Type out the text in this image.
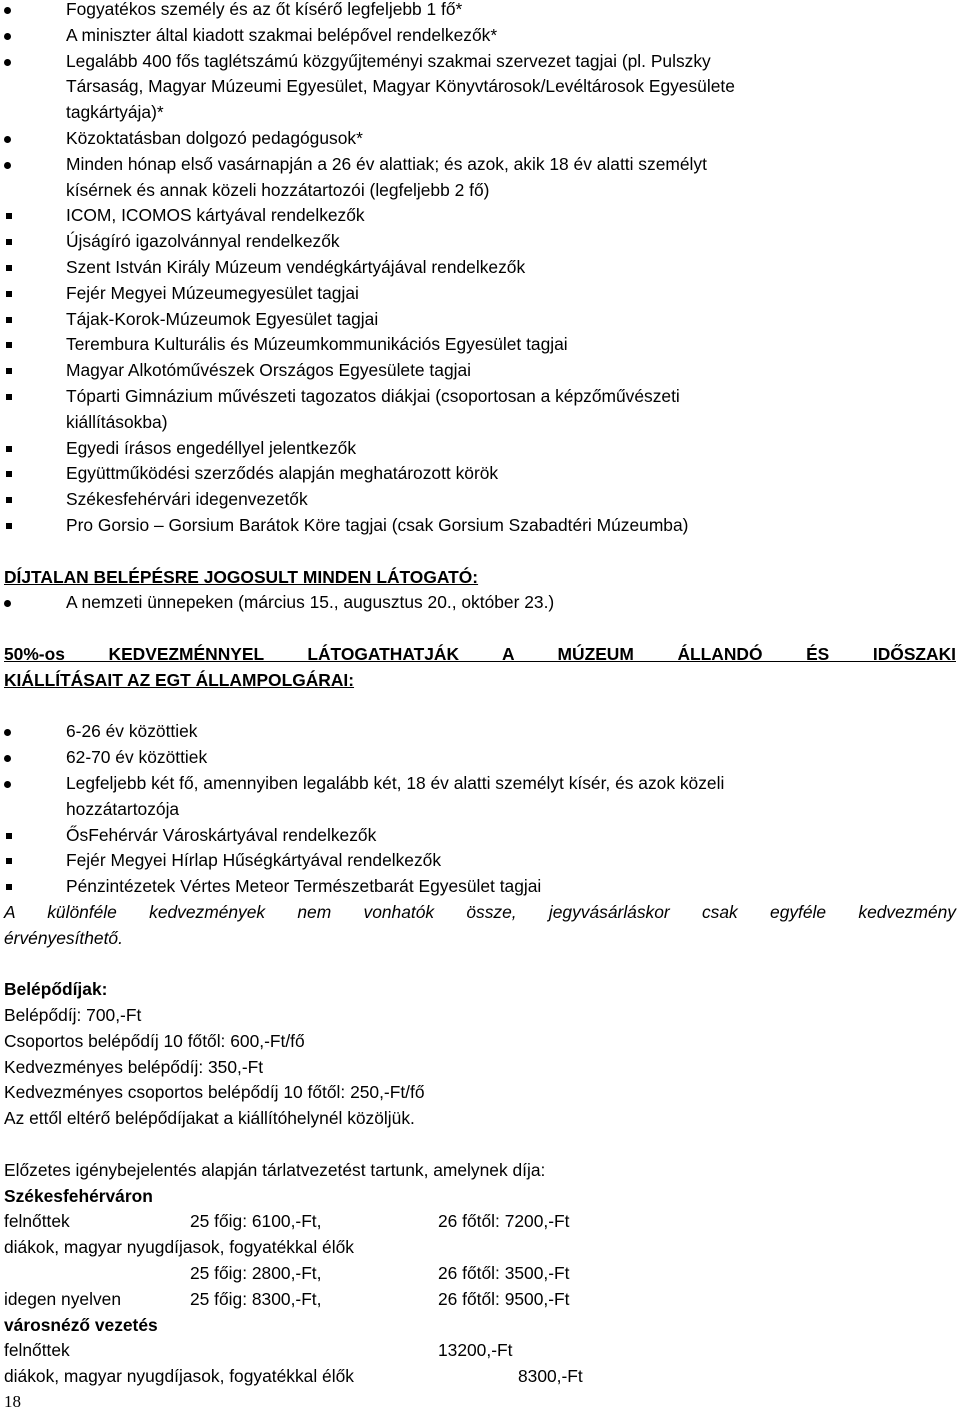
Fogyatékos személy és az őt kísérő legfeljebb 1 fő*
A miniszter által kiadott szakmai belépővel rendelkezők*
Legalább 400 fős taglétszámú közgyűjteményi szakmai szervezet tagjai (pl. Pulszky
Társaság, Magyar Múzeumi Egyesület, Magyar Könyvtárosok/Levéltárosok Egyesülete
tagkártyája)*
Közoktatásban dolgozó pedagógusok*
Minden hónap első vasárnapján a 26 év alattiak; és azok, akik 18 év alatti személyt
kísérnek és annak közeli hozzátartozói (legfeljebb 2 fő)
ICOM, ICOMOS kártyával rendelkezők
Újságíró igazolvánnyal rendelkezők
Szent István Király Múzeum vendégkártyájával rendelkezők
Fejér Megyei Múzeumegyesület tagjai
Tájak-Korok-Múzeumok Egyesület tagjai
Terembura Kulturális és Múzeumkommunikációs Egyesület tagjai
Magyar Alkotóművészek Országos Egyesülete tagjai
Tóparti Gimnázium művészeti tagozatos diákjai (csoportosan a képzőművészeti
kiállításokba)
Egyedi írásos engedéllyel jelentkezők
Együttműködési szerződés alapján meghatározott körök
Székesfehérvári idegenvezetők
Pro Gorsio – Gorsium Barátok Köre tagjai (csak Gorsium Szabadtéri Múzeumba)
DÍJTALAN BELÉPÉSRE JOGOSULT MINDEN LÁTOGATÓ:
A nemzeti ünnepeken (március 15., augusztus 20., október 23.)
50%-os KEDVEZMÉNNYEL LÁTOGATHATJÁK A MÚZEUM ÁLLANDÓ ÉS IDŐSZAKI
KIÁLLÍTÁSAIT AZ EGT ÁLLAMPOLGÁRAI:
6-26 év közöttiek
62-70 év közöttiek
Legfeljebb két fő, amennyiben legalább két, 18 év alatti személyt kísér, és azok közeli
hozzátartozója
ŐsFehérvár Városkártyával rendelkezők
Fejér Megyei Hírlap Hűségkártyával rendelkezők
Pénzintézetek Vértes Meteor Természetbarát Egyesület tagjai
A különféle kedvezmények nem vonhatók össze, jegyvásárláskor csak egyféle kedvezmény
érvényesíthető.
Belépődíjak:
Belépődíj: 700,-Ft
Csoportos belépődíj 10 főtől: 600,-Ft/fő
Kedvezményes belépődíj: 350,-Ft
Kedvezményes csoportos belépődíj 10 főtől: 250,-Ft/fő
Az ettől eltérő belépődíjakat a kiállítóhelynél közöljük.
Előzetes igénybejelentés alapján tárlatvezetést tartunk, amelynek díja:
Székesfehérváron
felnőttek	25 főig: 6100,-Ft,	26 főtől: 7200,-Ft
diákok, magyar nyugdíjasok, fogyatékkal élők
25 főig: 2800,-Ft,	26 főtől: 3500,-Ft
idegen nyelven	25 főig: 8300,-Ft,	26 főtől: 9500,-Ft
városnéző vezetés
felnőttek	13200,-Ft
diákok, magyar nyugdíjasok, fogyatékkal élők	8300,-Ft
18
